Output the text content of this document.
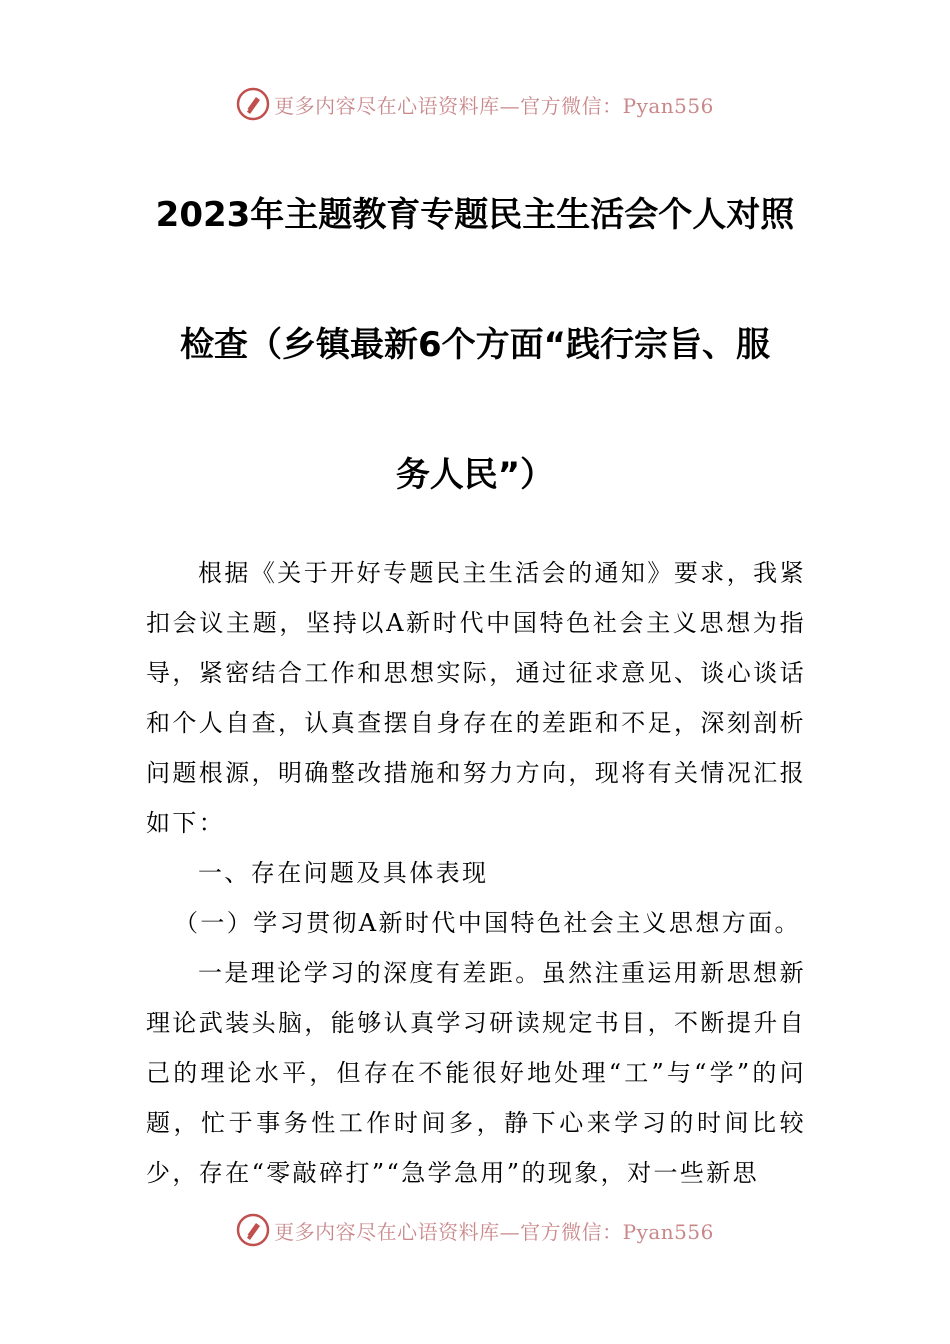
更多内容尽在心语资料库—官方微信：Pyan556
2023年主题教育专题民主生活会个人对照
检查（乡镇最新6个方面“践行宗旨、服
务人民”）

根据《关于开好专题民主生活会的通知》要求，我紧扣会议主题，坚持以A新时代中国特色社会主义思想为指导，紧密结合工作和思想实际，通过征求意见、谈心谈话和个人自查，认真查摆自身存在的差距和不足，深刻剖析问题根源，明确整改措施和努力方向，现将有关情况汇报如下：

一、存在问题及具体表现

（一）学习贯彻A新时代中国特色社会主义思想方面。

一是理论学习的深度有差距。虽然注重运用新思想新理论武装头脑，能够认真学习研读规定书目，不断提升自己的理论水平，但存在不能很好地处理“工”与“学”的问题，忙于事务性工作时间多，静下心来学习的时间比较少，存在“零敲碎打”“急学急用”的现象，对一些新思

更多内容尽在心语资料库—官方微信：Pyan556
